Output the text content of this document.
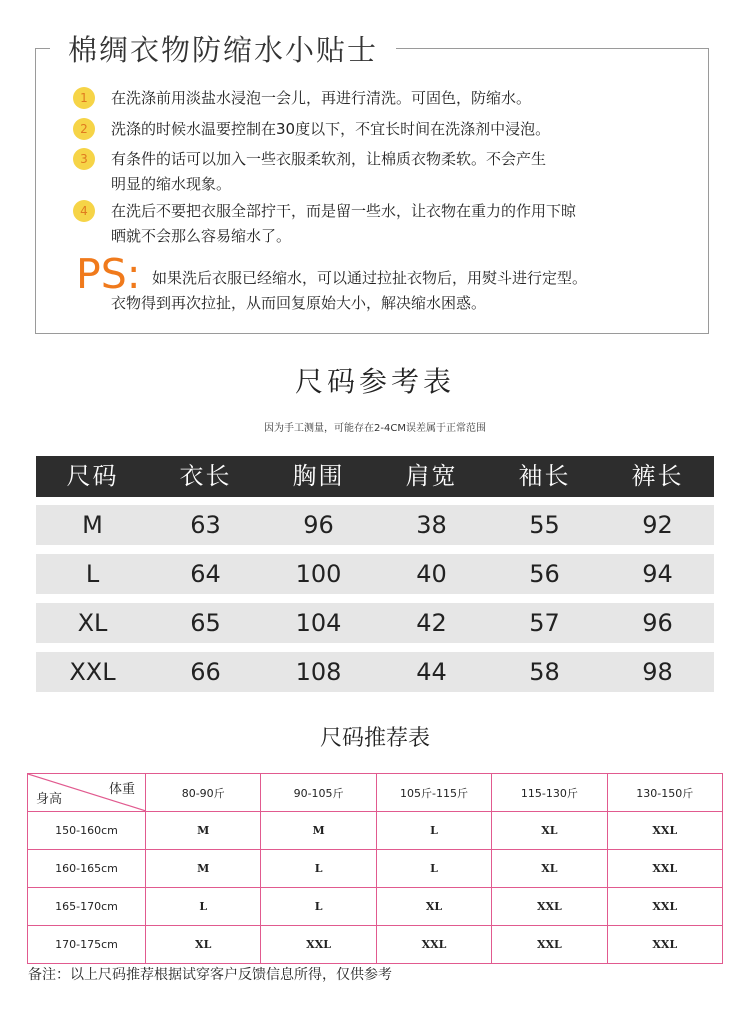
棉绸衣物防缩水小贴士
1	在洗涤前用淡盐水浸泡一会儿，再进行清洗。可固色，防缩水。
2	洗涤的时候水温要控制在30度以下，不宜长时间在洗涤剂中浸泡。
3	有条件的话可以加入一些衣服柔软剂，让棉质衣物柔软。不会产生
明显的缩水现象。
4	在洗后不要把衣服全部拧干，而是留一些水，让衣物在重力的作用下晾
晒就不会那么容易缩水了。
PS: 如果洗后衣服已经缩水，可以通过拉扯衣物后，用熨斗进行定型。
衣物得到再次拉扯，从而回复原始大小，解决缩水困惑。
尺码参考表
因为手工测量，可能存在2-4CM误差属于正常范围
尺码	衣长	胸围	肩宽	袖长	裤长
M	63	96	38	55	92
L	64	100	40	56	94
XL	65	104	42	57	96
XXL	66	108	44	58	98
尺码推荐表
体重
身高	80-90斤	90-105斤	105斤-115斤	115-130斤	130-150斤
150-160cm	M	M	L	XL	XXL
160-165cm	M	L	L	XL	XXL
165-170cm	L	L	XL	XXL	XXL
170-175cm	XL	XXL	XXL	XXL	XXL
备注：以上尺码推荐根据试穿客户反馈信息所得，仅供参考
